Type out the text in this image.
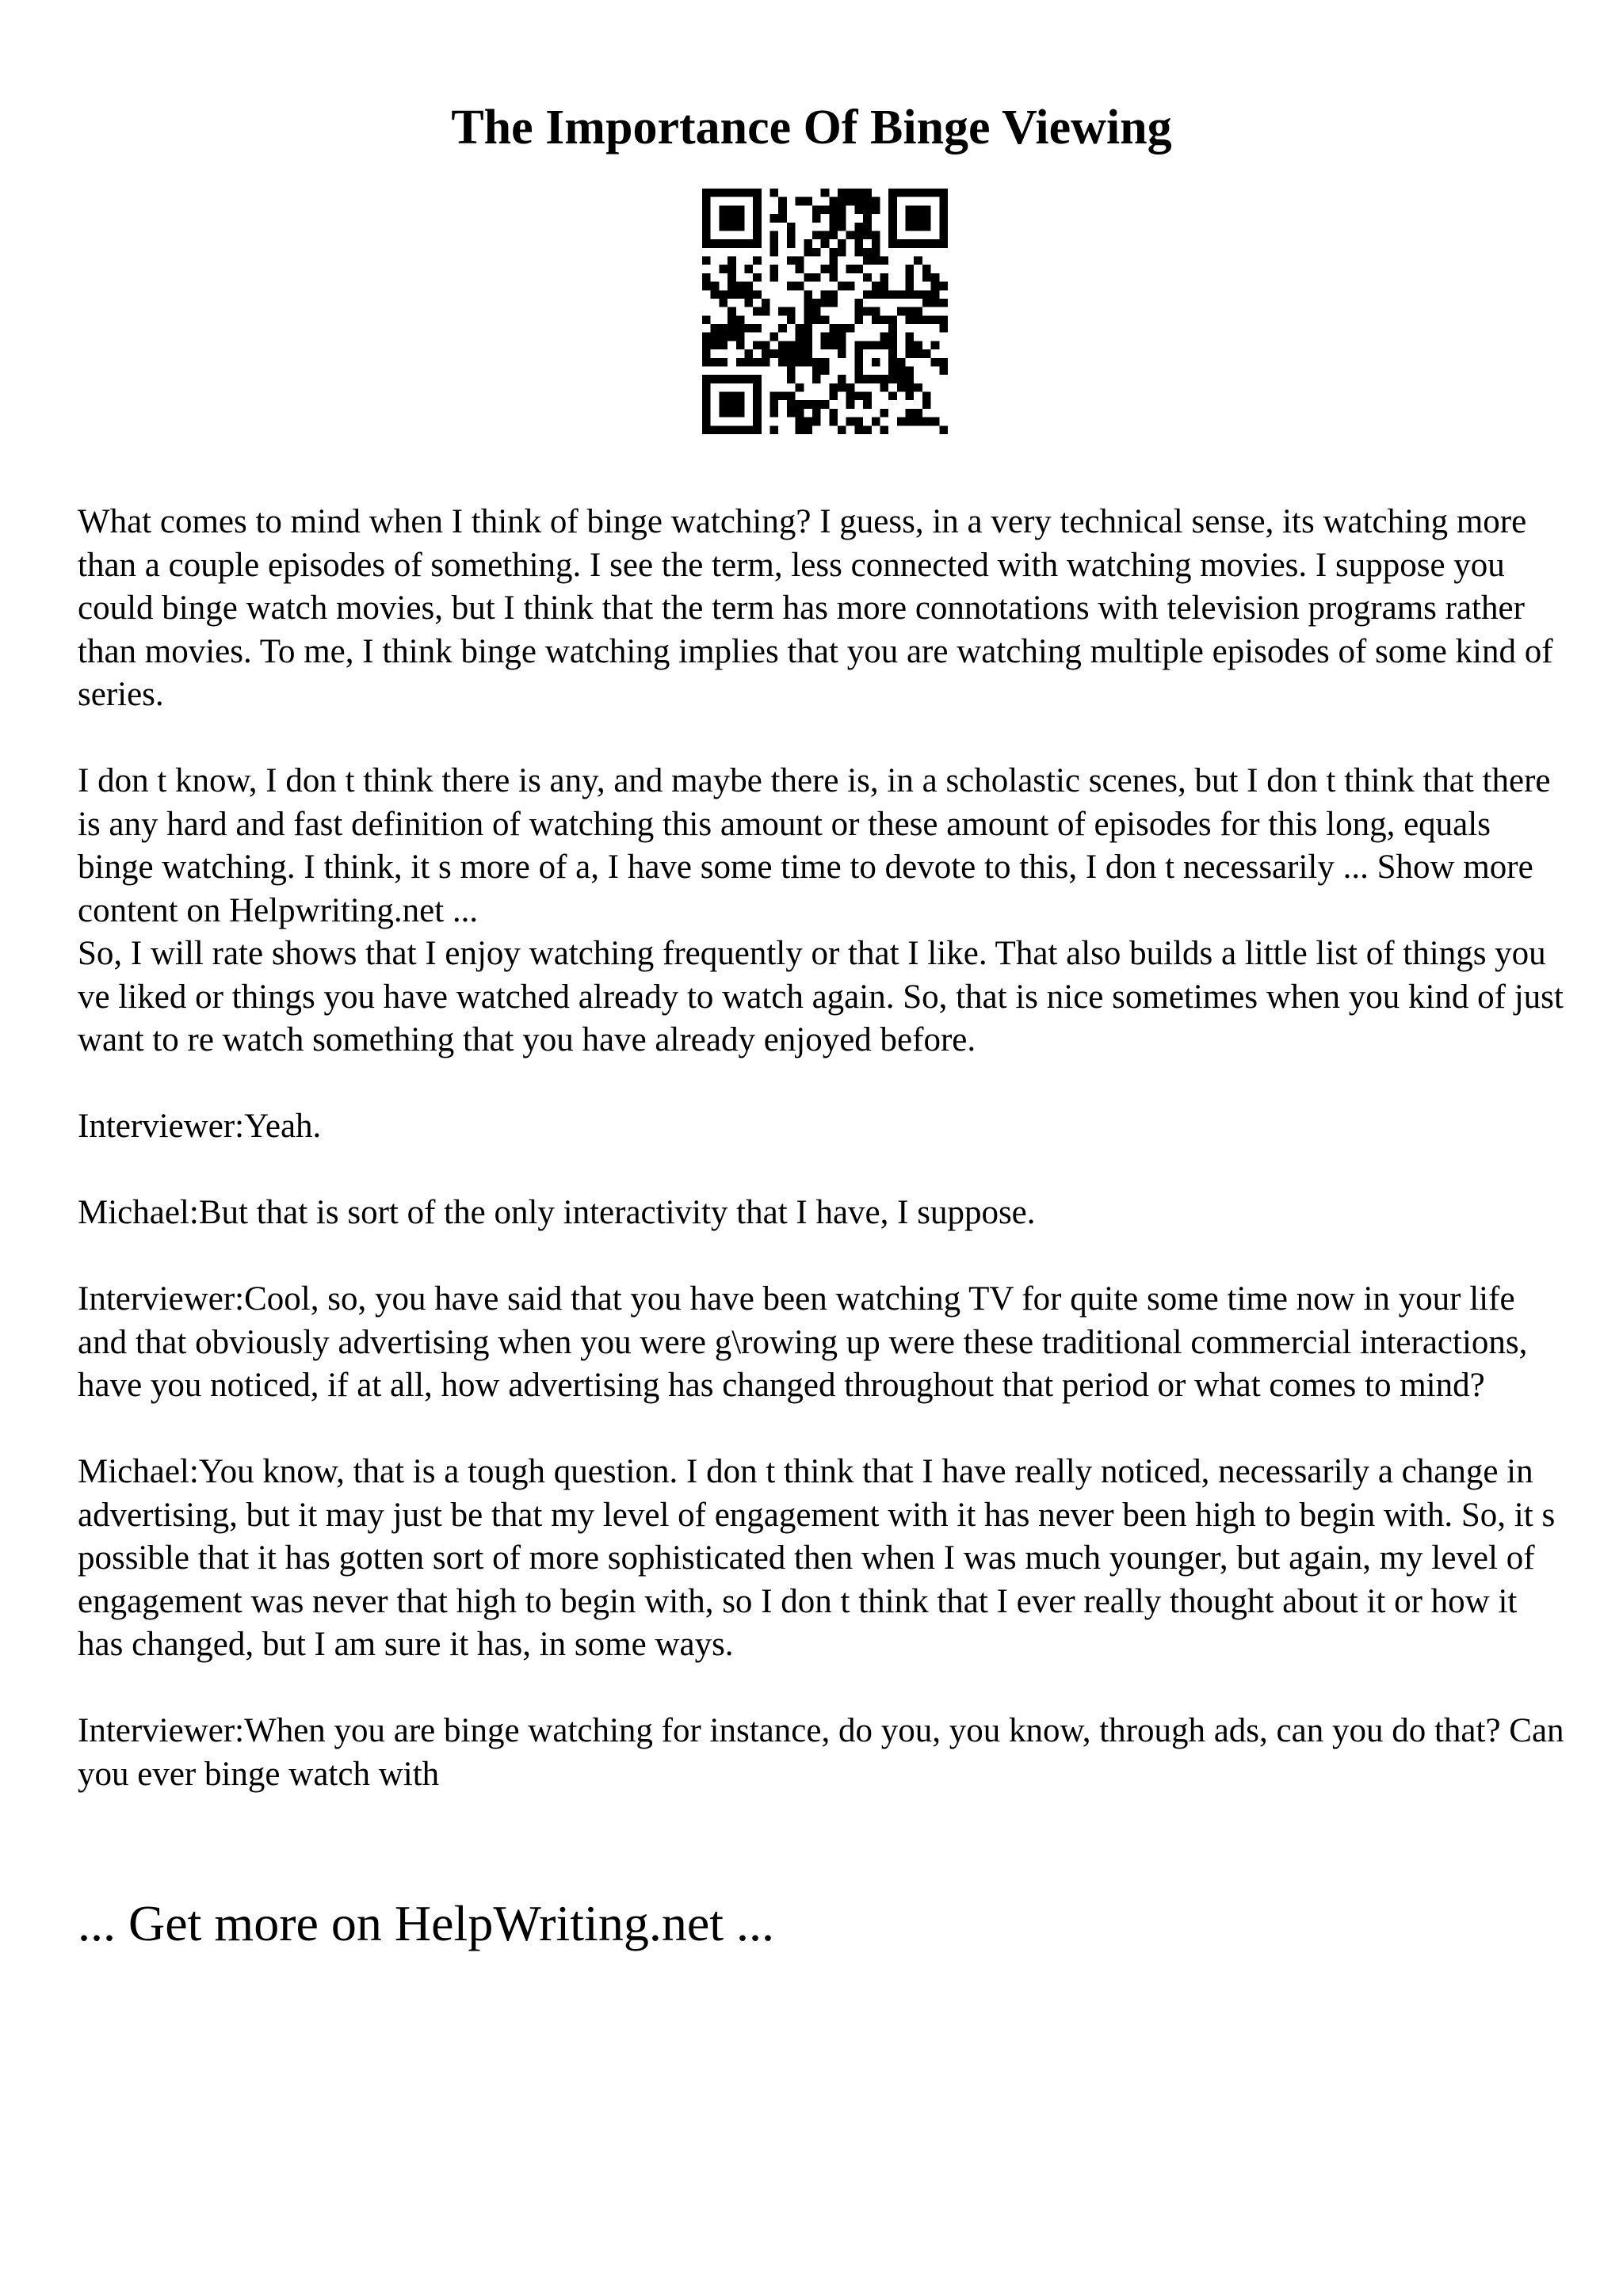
The Importance Of Binge Viewing

What comes to mind when I think of binge watching? I guess, in a very technical sense, its watching more than a couple episodes of something. I see the term, less connected with watching movies. I suppose you could binge watch movies, but I think that the term has more connotations with television programs rather than movies. To me, I think binge watching implies that you are watching multiple episodes of some kind of series.

I don t know, I don t think there is any, and maybe there is, in a scholastic scenes, but I don t think that there is any hard and fast definition of watching this amount or these amount of episodes for this long, equals binge watching. I think, it s more of a, I have some time to devote to this, I don t necessarily ... Show more content on Helpwriting.net ...

So, I will rate shows that I enjoy watching frequently or that I like. That also builds a little list of things you ve liked or things you have watched already to watch again. So, that is nice sometimes when you kind of just want to re watch something that you have already enjoyed before.

Interviewer:Yeah.

Michael:But that is sort of the only interactivity that I have, I suppose.

Interviewer:Cool, so, you have said that you have been watching TV for quite some time now in your life and that obviously advertising when you were g\rowing up were these traditional commercial interactions, have you noticed, if at all, how advertising has changed throughout that period or what comes to mind?

Michael:You know, that is a tough question. I don t think that I have really noticed, necessarily a change in advertising, but it may just be that my level of engagement with it has never been high to begin with. So, it s possible that it has gotten sort of more sophisticated then when I was much younger, but again, my level of engagement was never that high to begin with, so I don t think that I ever really thought about it or how it has changed, but I am sure it has, in some ways.

Interviewer:When you are binge watching for instance, do you, you know, through ads, can you do that? Can you ever binge watch with

... Get more on HelpWriting.net ...
